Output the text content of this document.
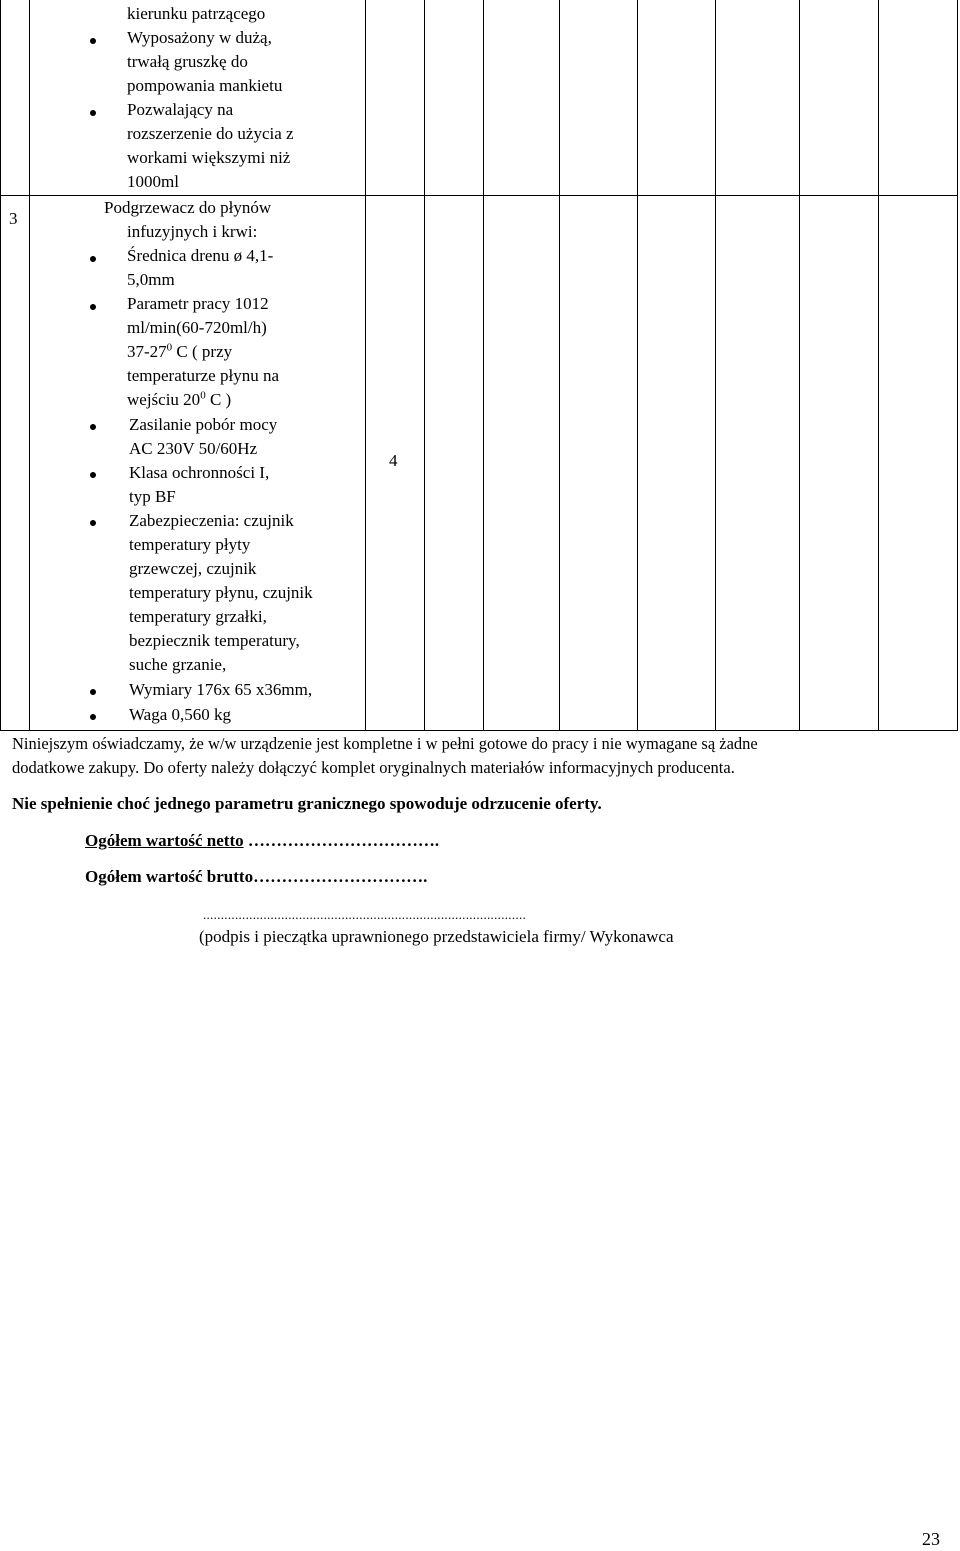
kierunku patrzącego
Wyposażony w dużą,
trwałą gruszkę do
pompowania mankietu
Pozwalający na
rozszerzenie do użycia z
workami większymi niż
1000ml
3
Podgrzewacz do płynów
infuzyjnych i krwi:
Średnica drenu ø 4,1-
5,0mm
Parametr pracy 1012
ml/min(60-720ml/h)
$37-27^0$ C ( przy
temperaturze płynu na
wejściu $20^0$ C )
Zasilanie pobór mocy
AC 230V 50/60Hz
Klasa ochronności I,
typ BF
Zabezpieczenia: czujnik
temperatury płyty
grzewczej, czujnik
temperatury płynu, czujnik
temperatury grzałki,
bezpiecznik temperatury,
suche grzanie,
Wymiary 176x 65 x36mm,
Waga 0,560 kg
4
Niniejszym oświadczamy, że w/w urządzenie jest kompletne i w pełni gotowe do pracy i nie wymagane są żadne
dodatkowe zakupy. Do oferty należy dołączyć komplet oryginalnych materiałów informacyjnych producenta.
Nie spełnienie choć jednego parametru granicznego spowoduje odrzucenie oferty.
Ogółem wartość netto …………………………….
Ogółem wartość brutto………………………….
...........................................................................................
(podpis i pieczątka uprawnionego przedstawiciela firmy/ Wykonawca
23
